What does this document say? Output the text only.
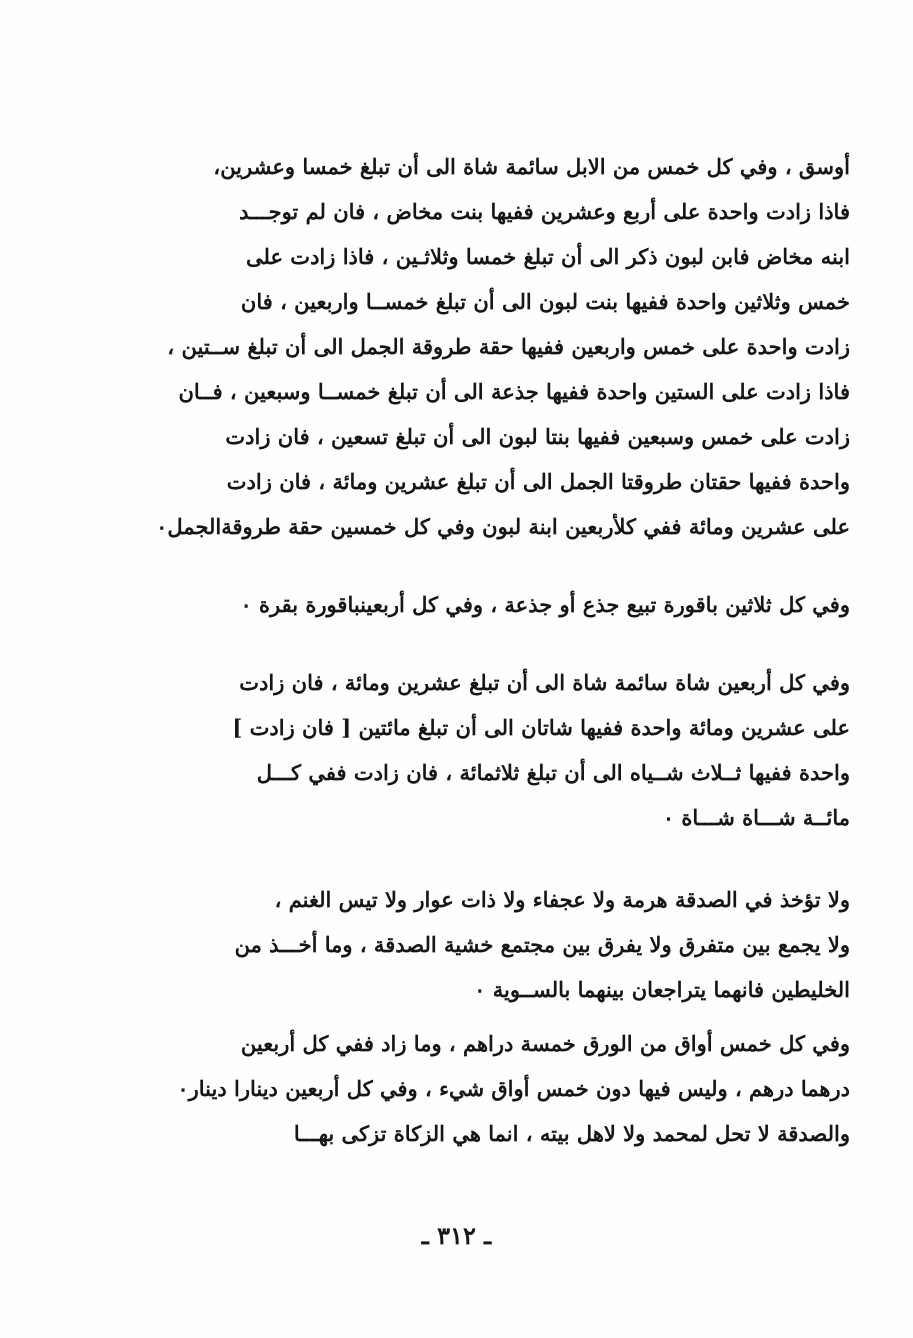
أوسق ، وفي كل خمس من الابل سائمة شاة الى أن تبلغ خمسا وعشرين،
فاذا زادت واحدة على أربع وعشرين ففيها بنت مخاض ، فان لم توجـــد
ابنه مخاض فابن لبون ذكر الى أن تبلغ خمسا وثلاثـين ، فاذا زادت على
خمس وثلاثين واحدة ففيها بنت لبون الى أن تبلغ خمســا واربعين ، فان
زادت واحدة على خمس واربعين ففيها حقة طروقة الجمل الى أن تبلغ ســتين ،
فاذا زادت على الستين واحدة ففيها جذعة الى أن تبلغ خمســا وسبعين ، فــان
زادت على خمس وسبعين ففيها بنتا لبون الى أن تبلغ تسعين ، فان زادت
واحدة ففيها حقتان طروقتا الجمل الى أن تبلغ عشرين ومائة ، فان زادت
على عشرين ومائة ففي كلأربعين ابنة لبون وفي كل خمسين حقة طروقةالجمل٠
وفي كل ثلاثين باقورة تبيع جذع أو جذعة ، وفي كل أربعينباقورة بقرة ٠
وفي كل أربعين شاة سائمة شاة الى أن تبلغ عشرين ومائة ، فان زادت
على عشرين ومائة واحدة ففيها شاتان الى أن تبلغ مائتين [ فان زادت ]
واحدة ففيها ثــلاث شــياه الى أن تبلغ ثلاثمائة ، فان زادت ففي كـــل
مائــة شـــاة شـــاة ٠
ولا تؤخذ في الصدقة هرمة ولا عجفاء ولا ذات عوار ولا تيس الغنم ،
ولا يجمع بين متفرق ولا يفرق بين مجتمع خشية الصدقة ، وما أخـــذ من
الخليطين فانهما يتراجعان بينهما بالســوية ٠
وفي كل خمس أواق من الورق خمسة دراهم ، وما زاد ففي كل أربعين
درهما درهم ، وليس فيها دون خمس أواق شيء ، وفي كل أربعين دينارا دينار٠
والصدقة لا تحل لمحمد ولا لاهل بيته ، انما هي الزكاة تزكى بهـــا
ـ ٣١٢ ـ
